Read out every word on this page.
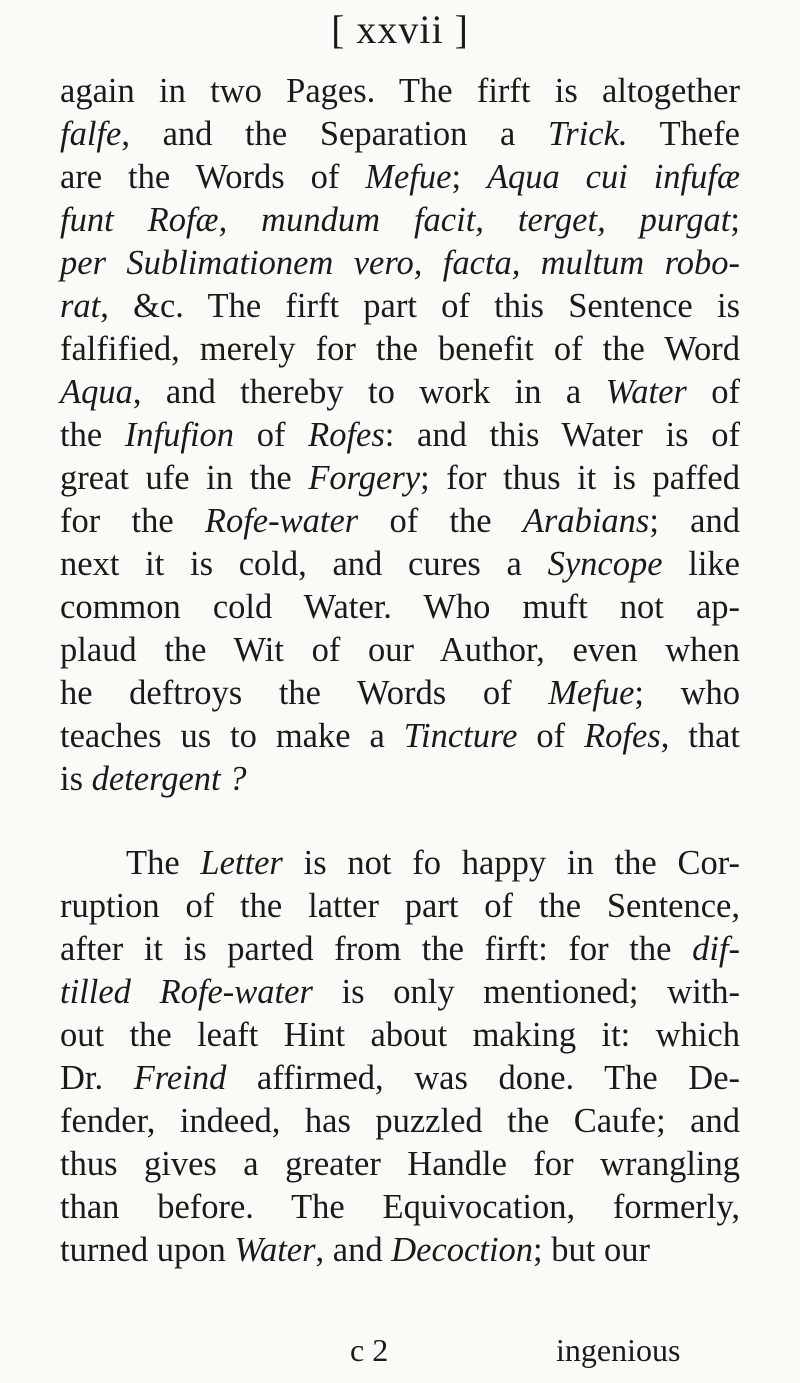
[ xxvii ]
again in two Pages. The firft is altogether
falfe, and the Separation a Trick. Thefe
are the Words of Mefue; Aqua cui infufæ
funt Rofæ, mundum facit, terget, purgat;
per Sublimationem vero, facta, multum robo-
rat, &c. The firft part of this Sentence is
falfified, merely for the benefit of the Word
Aqua, and thereby to work in a Water of
the Infufion of Rofes: and this Water is of
great ufe in the Forgery; for thus it is paffed
for the Rofe-water of the Arabians; and
next it is cold, and cures a Syncope like
common cold Water. Who muft not ap-
plaud the Wit of our Author, even when
he deftroys the Words of Mefue; who
teaches us to make a Tincture of Rofes, that
is detergent ?
The Letter is not fo happy in the Cor-
ruption of the latter part of the Sentence,
after it is parted from the firft: for the dif-
tilled Rofe-water is only mentioned; with-
out the leaft Hint about making it: which
Dr. Freind affirmed, was done. The De-
fender, indeed, has puzzled the Caufe; and
thus gives a greater Handle for wrangling
than before. The Equivocation, formerly,
turned upon Water, and Decoction; but our
c 2	ingenious
